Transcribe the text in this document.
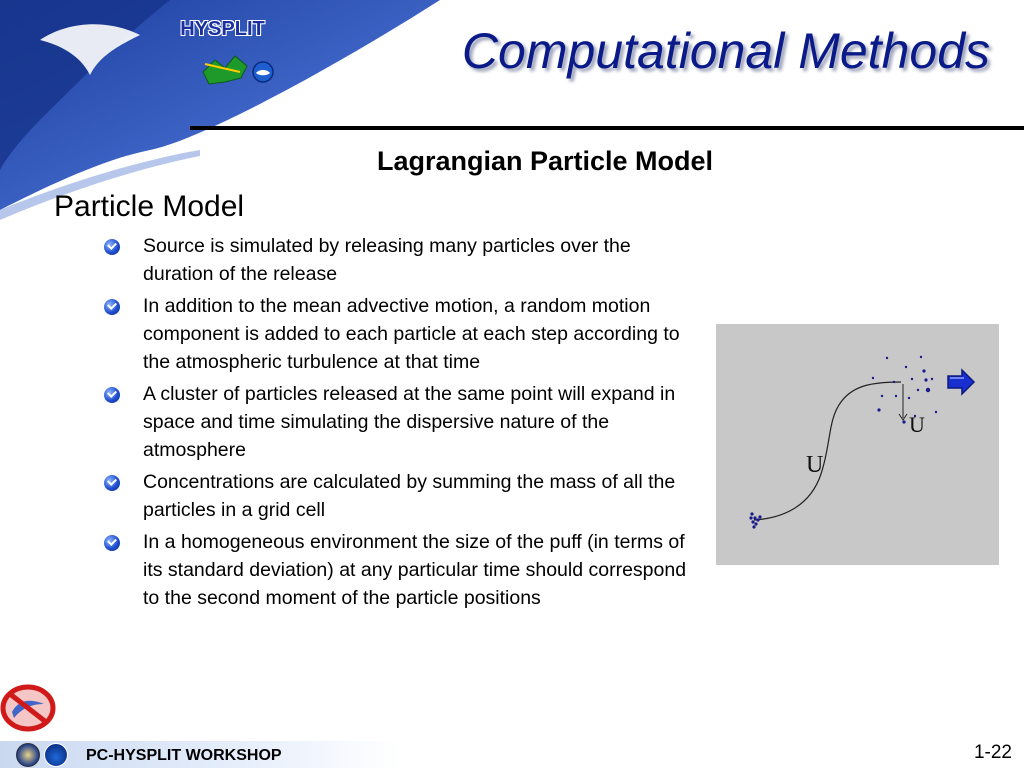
HYSPLIT	Computational Methods
Lagrangian Particle Model
Particle Model
Source is simulated by releasing many particles over the duration of the release
In addition to the mean advective motion, a random motion component is added to each particle at each step according to the atmospheric turbulence at that time
A cluster of particles released at the same point will expand in space and time simulating the dispersive nature of the atmosphere
Concentrations are calculated by summing the mass of all the particles in a grid cell
In a homogeneous environment the size of the puff (in terms of its standard deviation) at any particular time should correspond to the second moment of the particle positions
U
U
PC-HYSPLIT WORKSHOP	1-22
